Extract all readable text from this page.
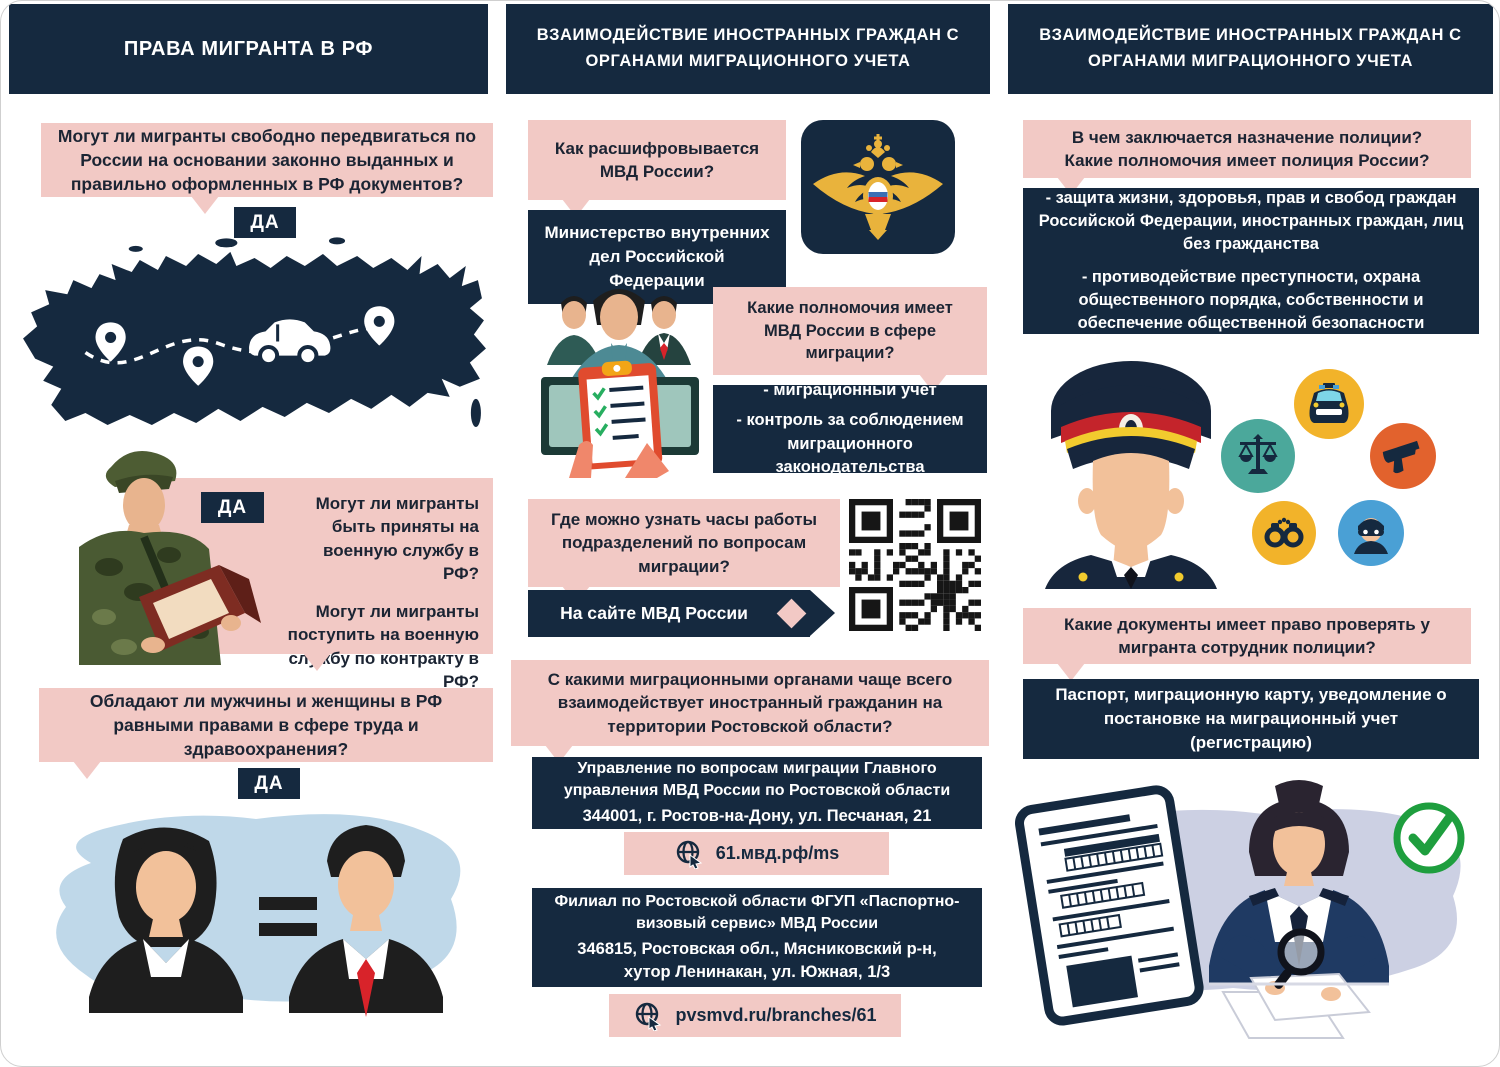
ПРАВА МИГРАНТА В РФ
Могут ли мигранты свободно передвигаться по России на основании законно выданных и правильно оформленных в РФ документов?
ДА

Могут ли мигранты быть приняты на военную службу в РФ?

Могут ли мигранты поступить на военную службу по контракту в РФ?

ДА
Обладают ли мужчины и женщины в РФ равными правами в сфере труда и здравоохранения?
ДА
ВЗАИМОДЕЙСТВИЕ ИНОСТРАННЫХ ГРАЖДАН С ОРГАНАМИ МИГРАЦИОННОГО УЧЕТА
Как расшифровывается МВД России?
Министерство внутренних дел Российской Федерации
Какие полномочия имеет МВД России в сфере миграции?
- миграционный учет
- контроль за соблюдением миграционного законодательства
Где можно узнать часы работы подразделений по вопросам миграции?
На сайте МВД России
С какими миграционными органами чаще всего взаимодействует иностранный гражданин на территории Ростовской области?
Управление по вопросам миграции Главного управления МВД России по Ростовской области
344001, г. Ростов-на-Дону, ул. Песчаная, 21
61.мвд.рф/ms
Филиал по Ростовской области ФГУП «Паспортно-визовый сервис» МВД России
346815, Ростовская обл., Мясниковский р-н, хутор Ленинакан, ул. Южная, 1/3
pvsmvd.ru/branches/61
ВЗАИМОДЕЙСТВИЕ ИНОСТРАННЫХ ГРАЖДАН С ОРГАНАМИ МИГРАЦИОННОГО УЧЕТА
В чем заключается назначение полиции?
Какие полномочия имеет полиция России?
- защита жизни, здоровья, прав и свобод граждан Российской Федерации, иностранных граждан, лиц без гражданства
- противодействие преступности, охрана общественного порядка, собственности и обеспечение общественной безопасности
Какие документы имеет право проверять у мигранта сотрудник полиции?
Паспорт, миграционную карту, уведомление о постановке на миграционный учет (регистрацию)
